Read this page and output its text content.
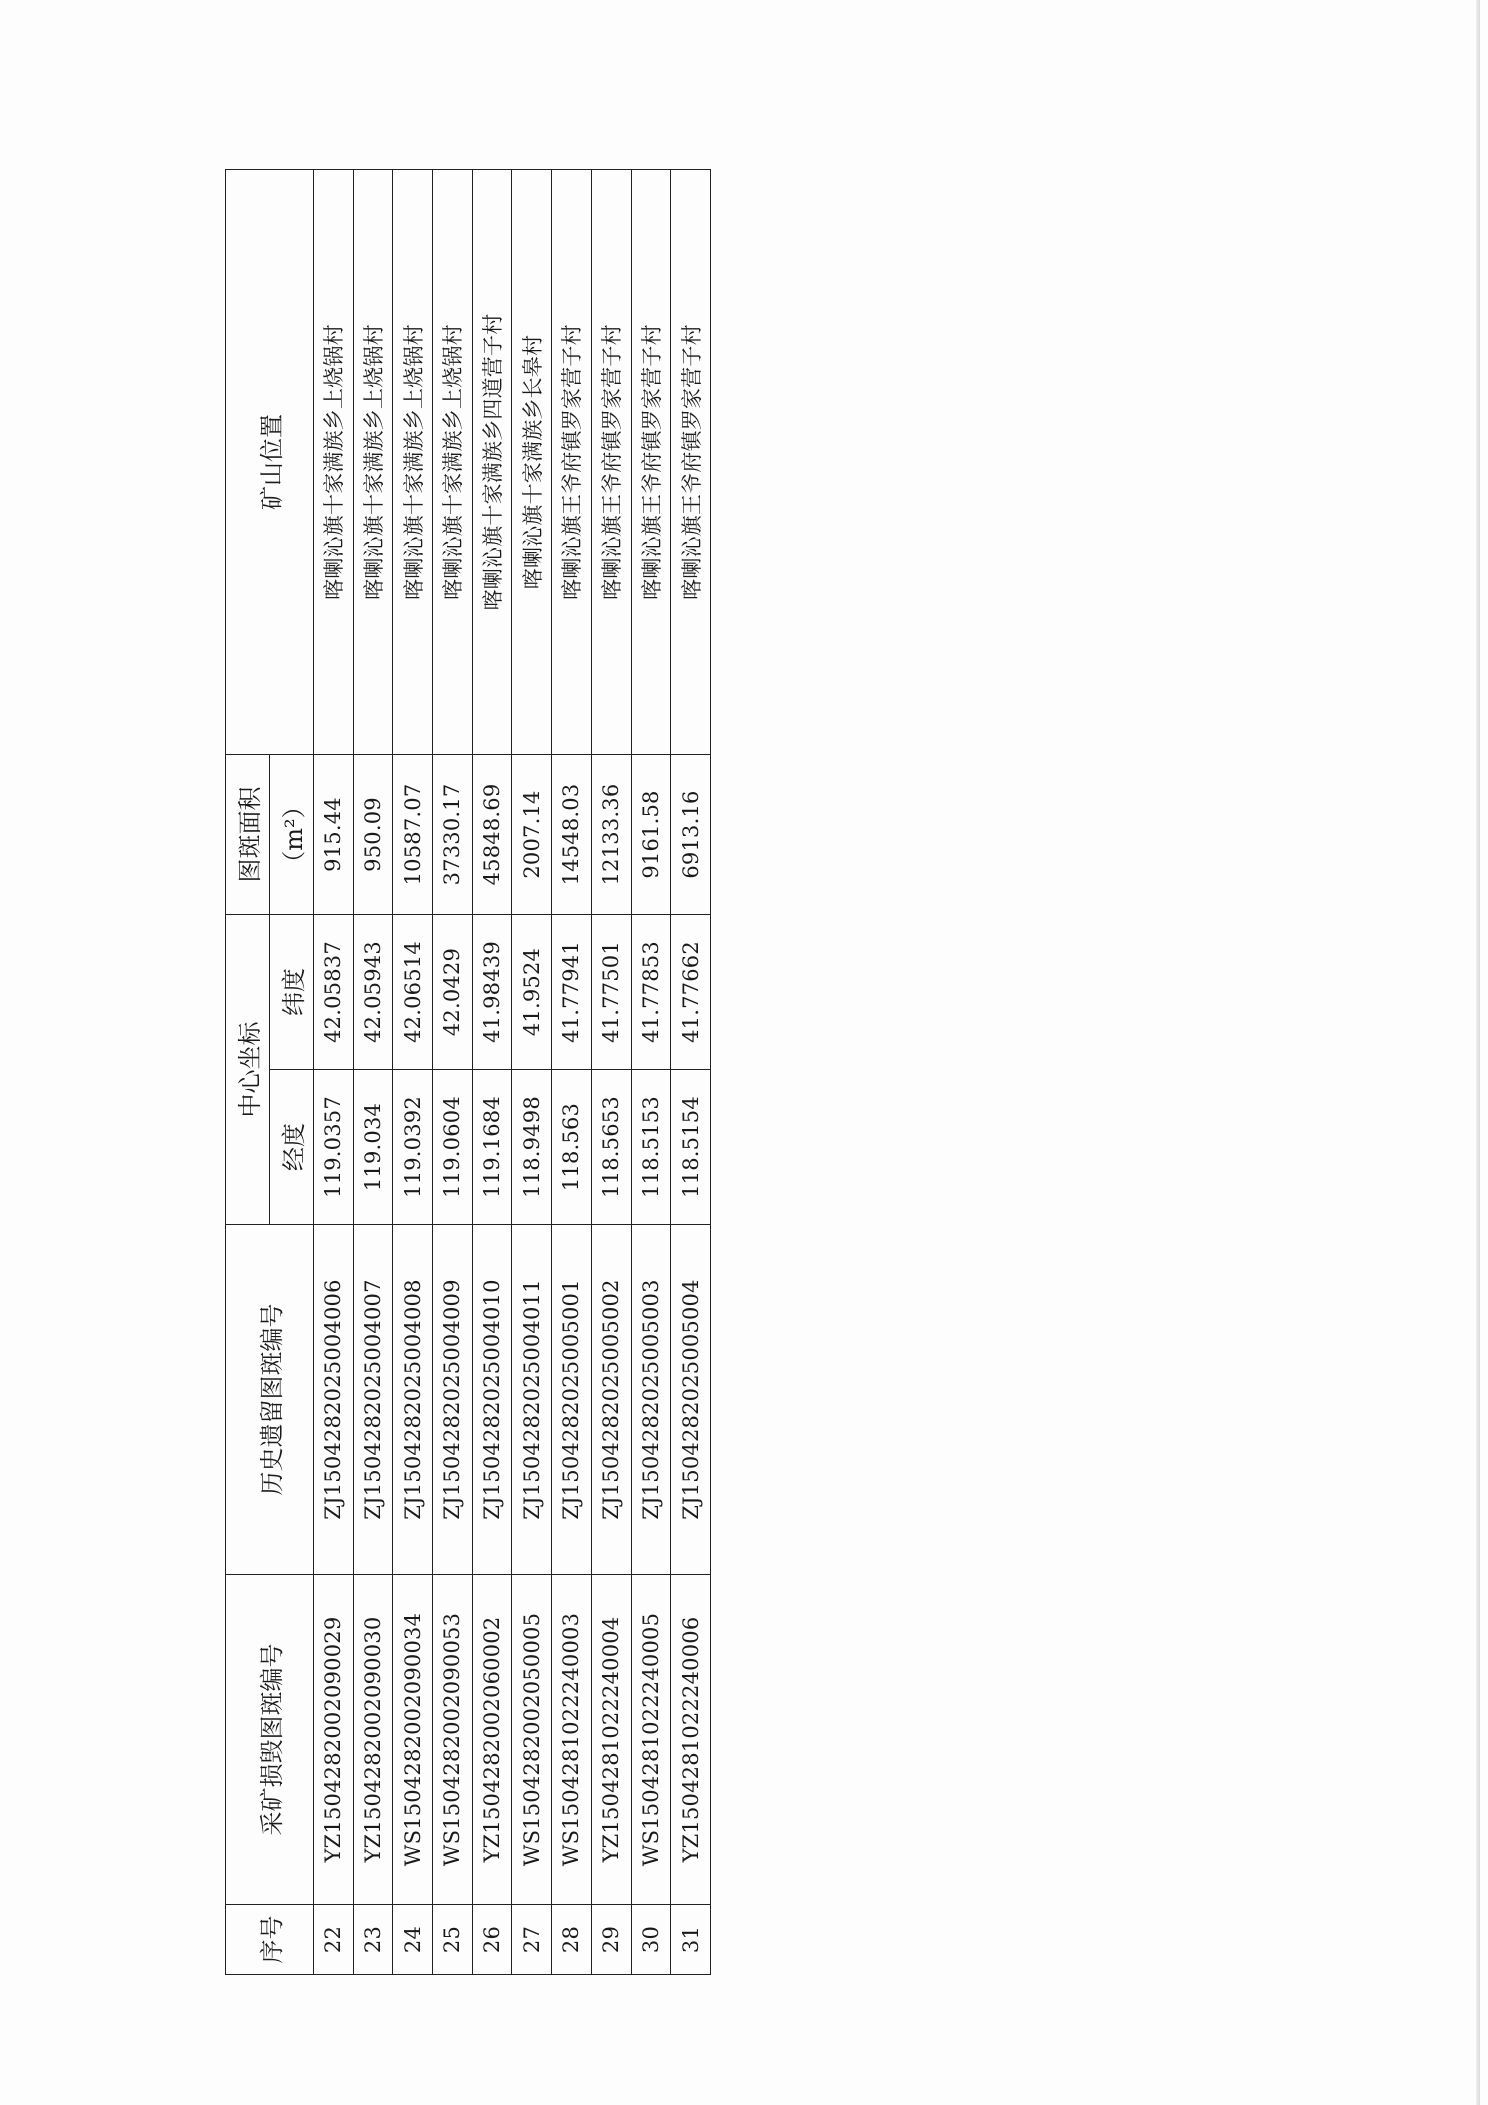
序号	采矿损毁图斑编号	历史遗留图斑编号	中心坐标		图斑面积	矿山位置
			经度	纬度	（m²）	
22	YZ1504282002090029	ZJ1504282025004006	119.0357	42.05837	915.44	喀喇沁旗十家满族乡上烧锅村
23	YZ1504282002090030	ZJ1504282025004007	119.034	42.05943	950.09	喀喇沁旗十家满族乡上烧锅村
24	WS1504282002090034	ZJ1504282025004008	119.0392	42.06514	10587.07	喀喇沁旗十家满族乡上烧锅村
25	WS1504282002090053	ZJ1504282025004009	119.0604	42.0429	37330.17	喀喇沁旗十家满族乡上烧锅村
26	YZ1504282002060002	ZJ1504282025004010	119.1684	41.98439	45848.69	喀喇沁旗十家满族乡四道营子村
27	WS1504282002050005	ZJ1504282025004011	118.9498	41.9524	2007.14	喀喇沁旗十家满族乡长皋村
28	WS1504281022240003	ZJ1504282025005001	118.563	41.77941	14548.03	喀喇沁旗王爷府镇罗家营子村
29	YZ1504281022240004	ZJ1504282025005002	118.5653	41.77501	12133.36	喀喇沁旗王爷府镇罗家营子村
30	WS1504281022240005	ZJ1504282025005003	118.5153	41.77853	9161.58	喀喇沁旗王爷府镇罗家营子村
31	YZ1504281022240006	ZJ1504282025005004	118.5154	41.77662	6913.16	喀喇沁旗王爷府镇罗家营子村
